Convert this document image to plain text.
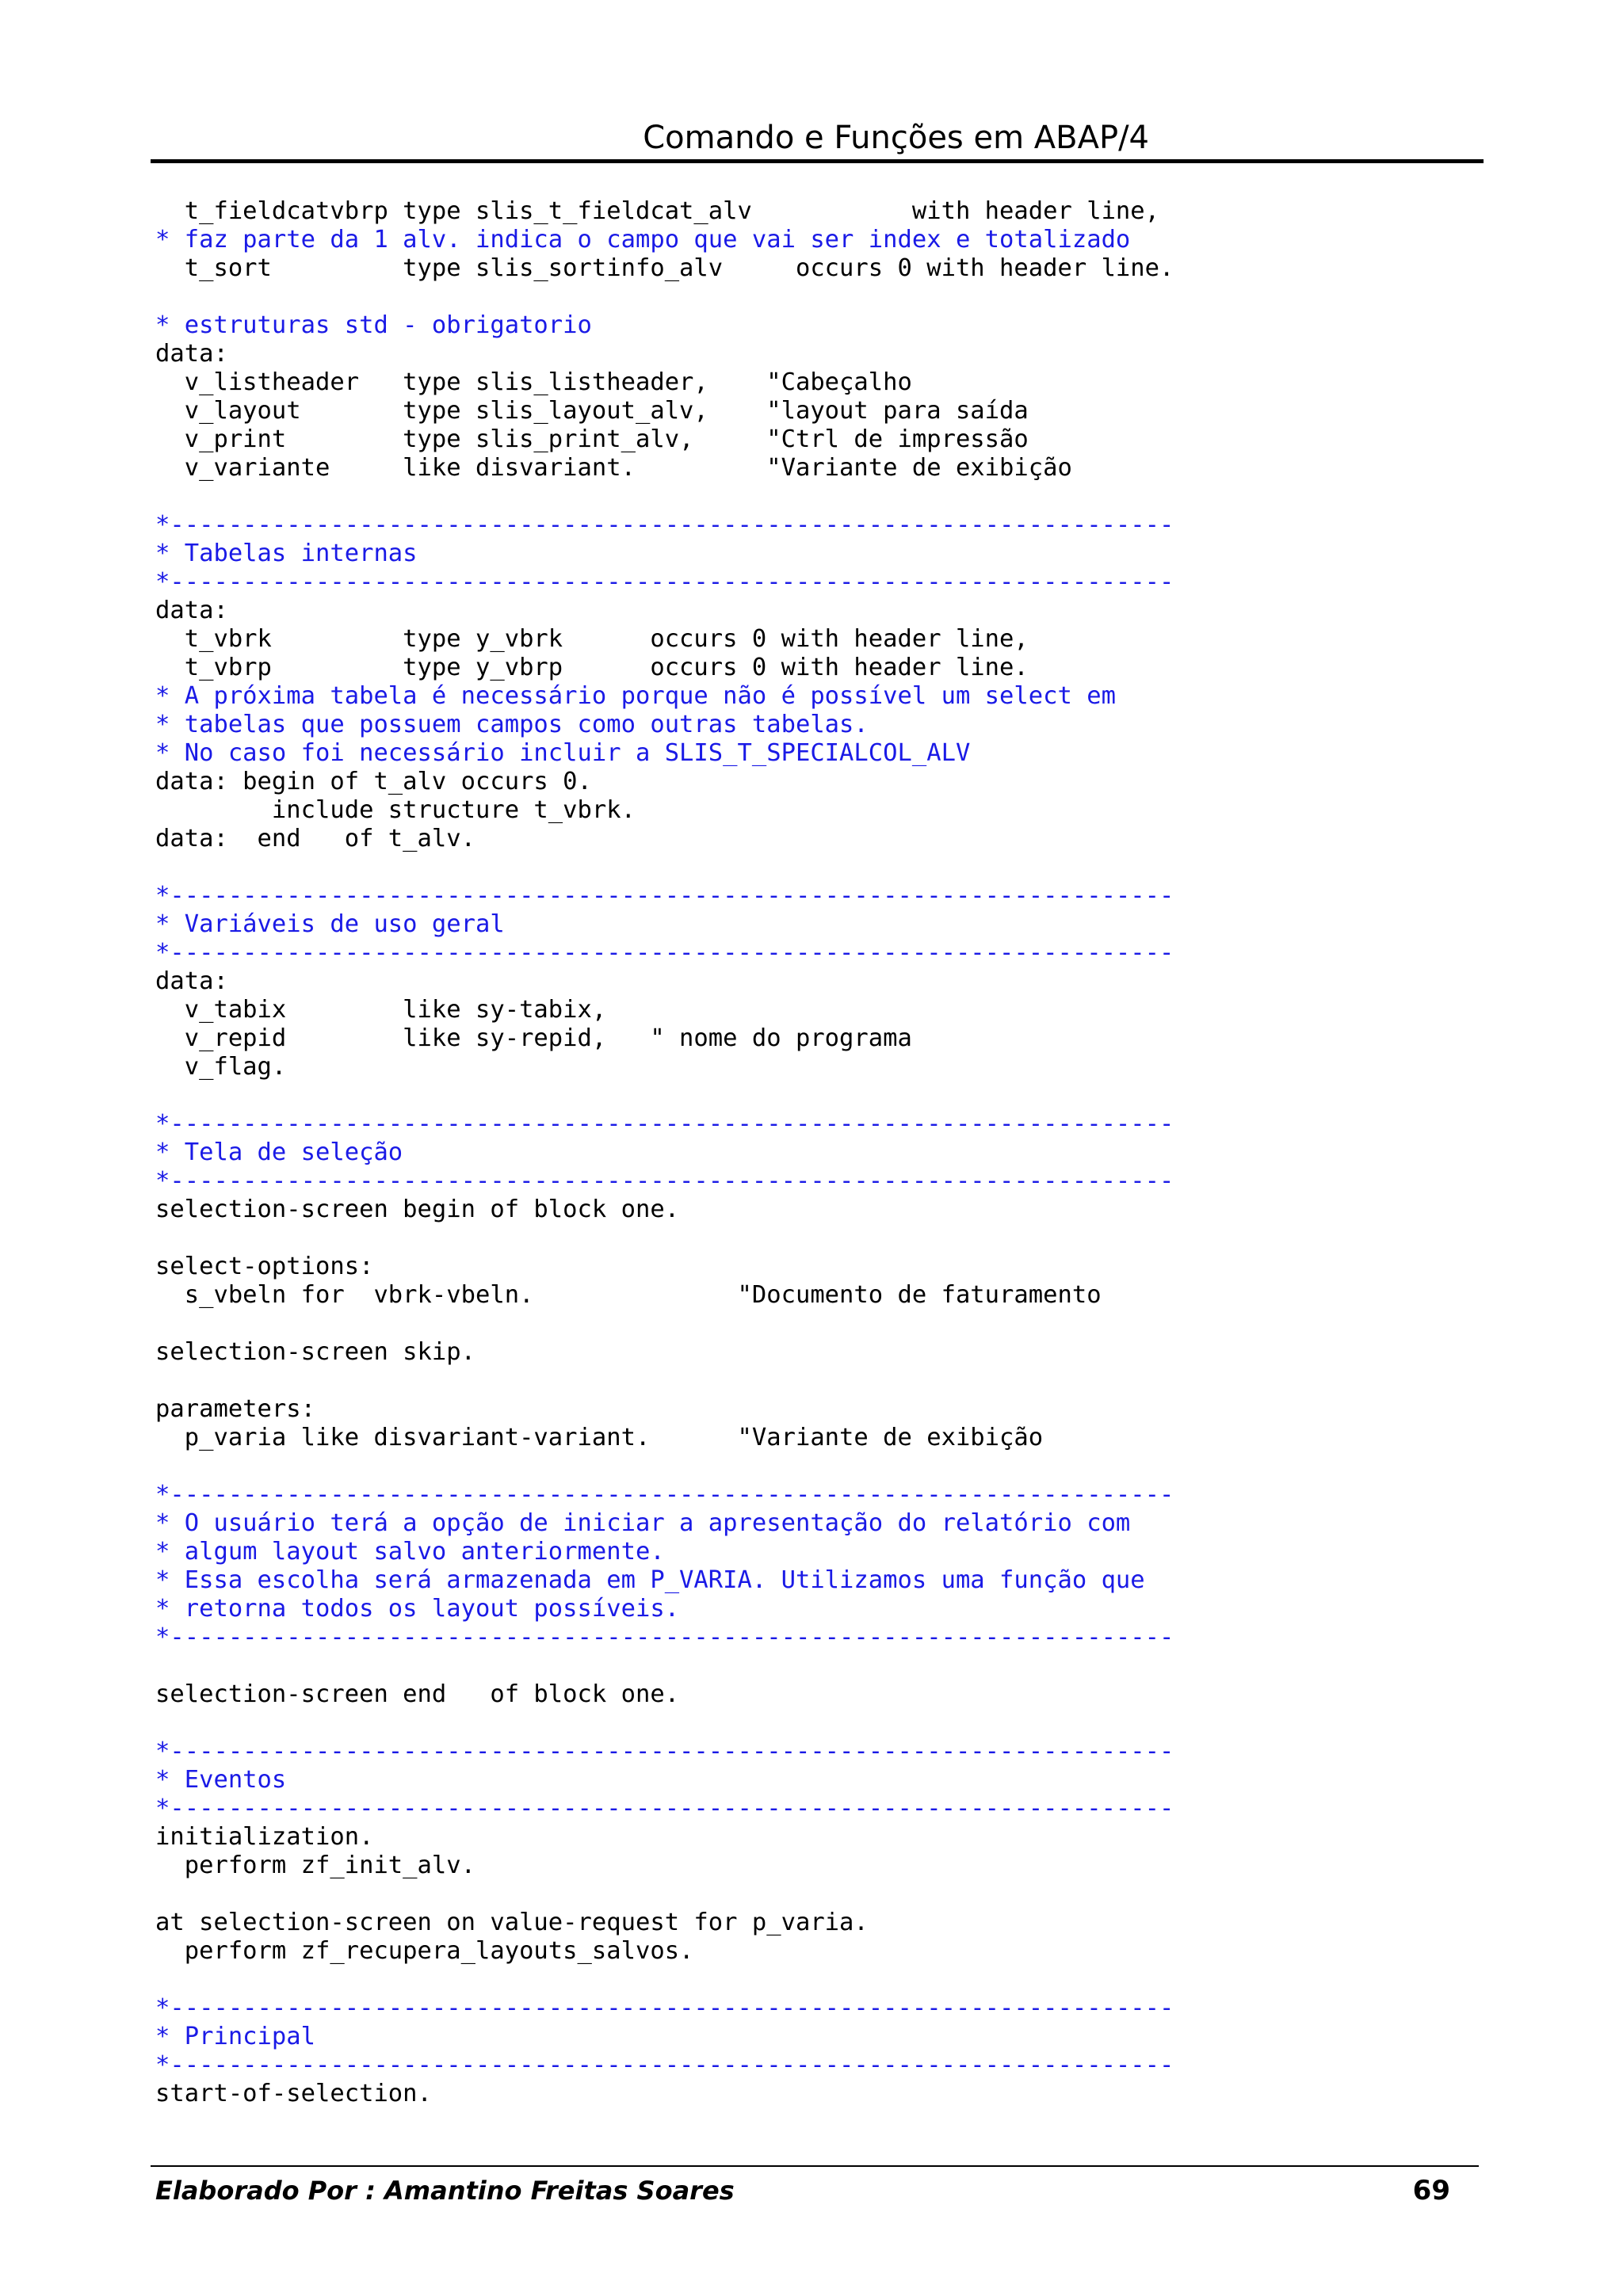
Comando e Funções em ABAP/4
t_fieldcatvbrp type slis_t_fieldcat_alv           with header line,
* faz parte da 1 alv. indica o campo que vai ser index e totalizado
t_sort         type slis_sortinfo_alv     occurs 0 with header line.
* estruturas std - obrigatorio
data:
v_listheader   type slis_listheader,    "Cabeçalho
v_layout       type slis_layout_alv,    "layout para saída
v_print        type slis_print_alv,     "Ctrl de impressão
v_variante     like disvariant.         "Variante de exibição
*---------------------------------------------------------------------
* Tabelas internas
*---------------------------------------------------------------------
data:
t_vbrk         type y_vbrk      occurs 0 with header line,
t_vbrp         type y_vbrp      occurs 0 with header line.
* A próxima tabela é necessário porque não é possível um select em
* tabelas que possuem campos como outras tabelas.
* No caso foi necessário incluir a SLIS_T_SPECIALCOL_ALV
data: begin of t_alv occurs 0.
include structure t_vbrk.
data:  end   of t_alv.
*---------------------------------------------------------------------
* Variáveis de uso geral
*---------------------------------------------------------------------
data:
v_tabix        like sy-tabix,
v_repid        like sy-repid,   " nome do programa
v_flag.
*---------------------------------------------------------------------
* Tela de seleção
*---------------------------------------------------------------------
selection-screen begin of block one.
select-options:
s_vbeln for  vbrk-vbeln.              "Documento de faturamento
selection-screen skip.
parameters:
p_varia like disvariant-variant.      "Variante de exibição
*---------------------------------------------------------------------
* O usuário terá a opção de iniciar a apresentação do relatório com
* algum layout salvo anteriormente.
* Essa escolha será armazenada em P_VARIA. Utilizamos uma função que
* retorna todos os layout possíveis.
*---------------------------------------------------------------------
selection-screen end   of block one.
*---------------------------------------------------------------------
* Eventos
*---------------------------------------------------------------------
initialization.
perform zf_init_alv.
at selection-screen on value-request for p_varia.
perform zf_recupera_layouts_salvos.
*---------------------------------------------------------------------
* Principal
*---------------------------------------------------------------------
start-of-selection.
Elaborado Por : Amantino Freitas Soares	69
